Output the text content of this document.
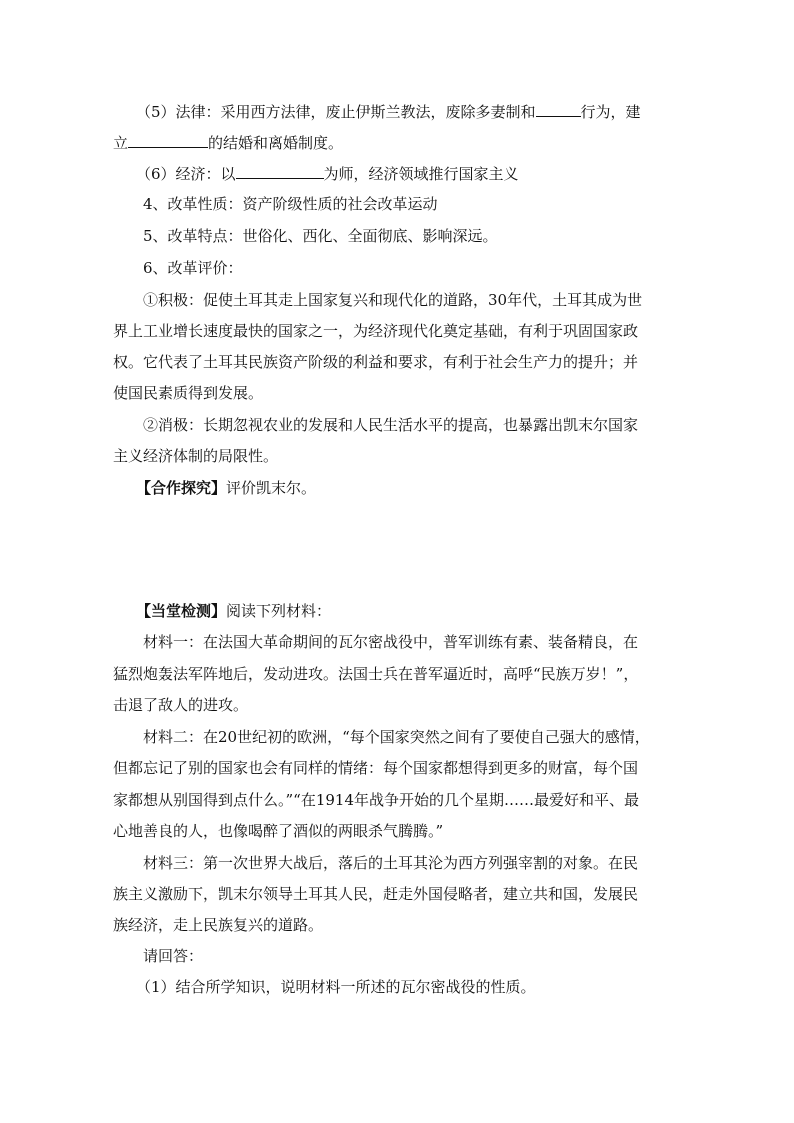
（5）法律：采用西方法律，废止伊斯兰教法，废除多妻制和	行为，建
立	的结婚和离婚制度。
（6）经济：以	为师，经济领域推行国家主义
4、改革性质：资产阶级性质的社会改革运动
5、改革特点：世俗化、西化、全面彻底、影响深远。
6、改革评价：
①积极：促使土耳其走上国家复兴和现代化的道路，30年代，土耳其成为世
界上工业增长速度最快的国家之一，为经济现代化奠定基础，有利于巩固国家政
权。它代表了土耳其民族资产阶级的利益和要求，有利于社会生产力的提升；并
使国民素质得到发展。
②消极：长期忽视农业的发展和人民生活水平的提高，也暴露出凯末尔国家
主义经济体制的局限性。
【合作探究】评价凯末尔。
【当堂检测】阅读下列材料：
材料一：在法国大革命期间的瓦尔密战役中，普军训练有素、装备精良，在
猛烈炮轰法军阵地后，发动进攻。法国士兵在普军逼近时，高呼“民族万岁！”，
击退了敌人的进攻。
材料二：在20世纪初的欧洲，“每个国家突然之间有了要使自己强大的感情，
但都忘记了别的国家也会有同样的情绪：每个国家都想得到更多的财富，每个国
家都想从别国得到点什么。”“在1914年战争开始的几个星期……最爱好和平、最
心地善良的人，也像喝醉了酒似的两眼杀气腾腾。”
材料三：第一次世界大战后，落后的土耳其沦为西方列强宰割的对象。在民
族主义激励下，凯末尔领导土耳其人民，赶走外国侵略者，建立共和国，发展民
族经济，走上民族复兴的道路。
请回答：
（1）结合所学知识，说明材料一所述的瓦尔密战役的性质。
